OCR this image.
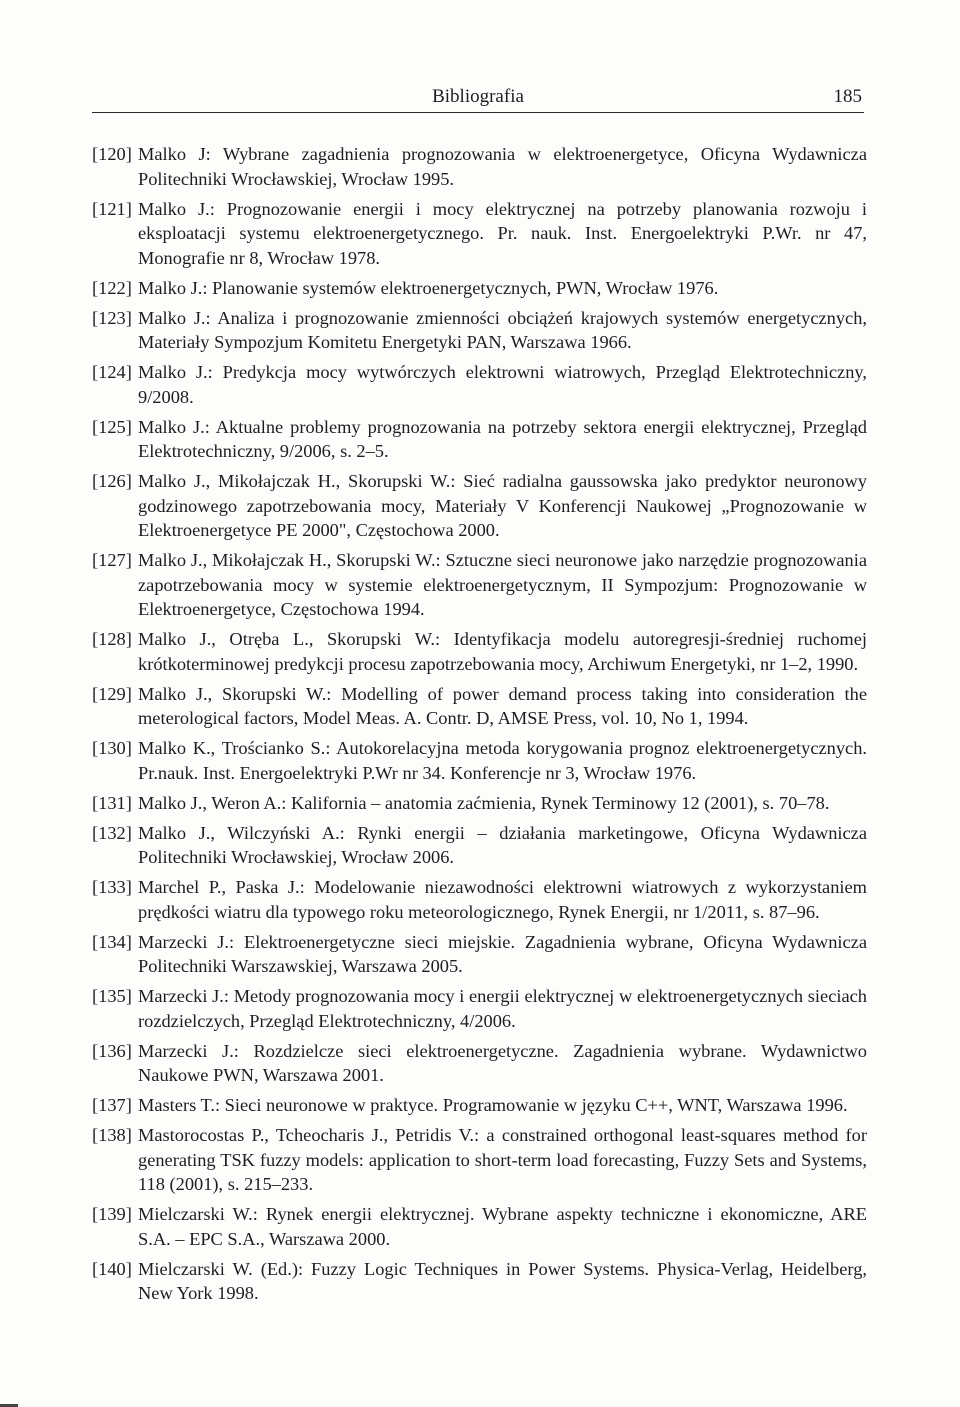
Bibliografia	185
[120] Malko J: Wybrane zagadnienia prognozowania w elektroenergetyce, Oficyna Wydawnicza Politechniki Wrocławskiej, Wrocław 1995.
[121] Malko J.: Prognozowanie energii i mocy elektrycznej na potrzeby planowania rozwoju i eksploatacji systemu elektroenergetycznego. Pr. nauk. Inst. Energoelektryki P.Wr. nr 47, Monografie nr 8, Wrocław 1978.
[122] Malko J.: Planowanie systemów elektroenergetycznych, PWN, Wrocław 1976.
[123] Malko J.: Analiza i prognozowanie zmienności obciążeń krajowych systemów energetycznych, Materiały Sympozjum Komitetu Energetyki PAN, Warszawa 1966.
[124] Malko J.: Predykcja mocy wytwórczych elektrowni wiatrowych, Przegląd Elektrotechniczny, 9/2008.
[125] Malko J.: Aktualne problemy prognozowania na potrzeby sektora energii elektrycznej, Przegląd Elektrotechniczny, 9/2006, s. 2–5.
[126] Malko J., Mikołajczak H., Skorupski W.: Sieć radialna gaussowska jako predyktor neuronowy godzinowego zapotrzebowania mocy, Materiały V Konferencji Naukowej „Prognozowanie w Elektroenergetyce PE 2000", Częstochowa 2000.
[127] Malko J., Mikołajczak H., Skorupski W.: Sztuczne sieci neuronowe jako narzędzie prognozowania zapotrzebowania mocy w systemie elektroenergetycznym, II Sympozjum: Prognozowanie w Elektroenergetyce, Częstochowa 1994.
[128] Malko J., Otręba L., Skorupski W.: Identyfikacja modelu autoregresji-średniej ruchomej krótkoterminowej predykcji procesu zapotrzebowania mocy, Archiwum Energetyki, nr 1–2, 1990.
[129] Malko J., Skorupski W.: Modelling of power demand process taking into consideration the meterological factors, Model Meas. A. Contr. D, AMSE Press, vol. 10, No 1, 1994.
[130] Malko K., Trościanko S.: Autokorelacyjna metoda korygowania prognoz elektroenergetycznych. Pr.nauk. Inst. Energoelektryki P.Wr nr 34. Konferencje nr 3, Wrocław 1976.
[131] Malko J., Weron A.: Kalifornia – anatomia zaćmienia, Rynek Terminowy 12 (2001), s. 70–78.
[132] Malko J., Wilczyński A.: Rynki energii – działania marketingowe, Oficyna Wydawnicza Politechniki Wrocławskiej, Wrocław 2006.
[133] Marchel P., Paska J.: Modelowanie niezawodności elektrowni wiatrowych z wykorzystaniem prędkości wiatru dla typowego roku meteorologicznego, Rynek Energii, nr 1/2011, s. 87–96.
[134] Marzecki J.: Elektroenergetyczne sieci miejskie. Zagadnienia wybrane, Oficyna Wydawnicza Politechniki Warszawskiej, Warszawa 2005.
[135] Marzecki J.: Metody prognozowania mocy i energii elektrycznej w elektroenergetycznych sieciach rozdzielczych, Przegląd Elektrotechniczny, 4/2006.
[136] Marzecki J.: Rozdzielcze sieci elektroenergetyczne. Zagadnienia wybrane. Wydawnictwo Naukowe PWN, Warszawa 2001.
[137] Masters T.: Sieci neuronowe w praktyce. Programowanie w języku C++, WNT, Warszawa 1996.
[138] Mastorocostas P., Tcheocharis J., Petridis V.: a constrained orthogonal least-squares method for generating TSK fuzzy models: application to short-term load forecasting, Fuzzy Sets and Systems, 118 (2001), s. 215–233.
[139] Mielczarski W.: Rynek energii elektrycznej. Wybrane aspekty techniczne i ekonomiczne, ARE S.A. – EPC S.A., Warszawa 2000.
[140] Mielczarski W. (Ed.): Fuzzy Logic Techniques in Power Systems. Physica-Verlag, Heidelberg, New York 1998.
